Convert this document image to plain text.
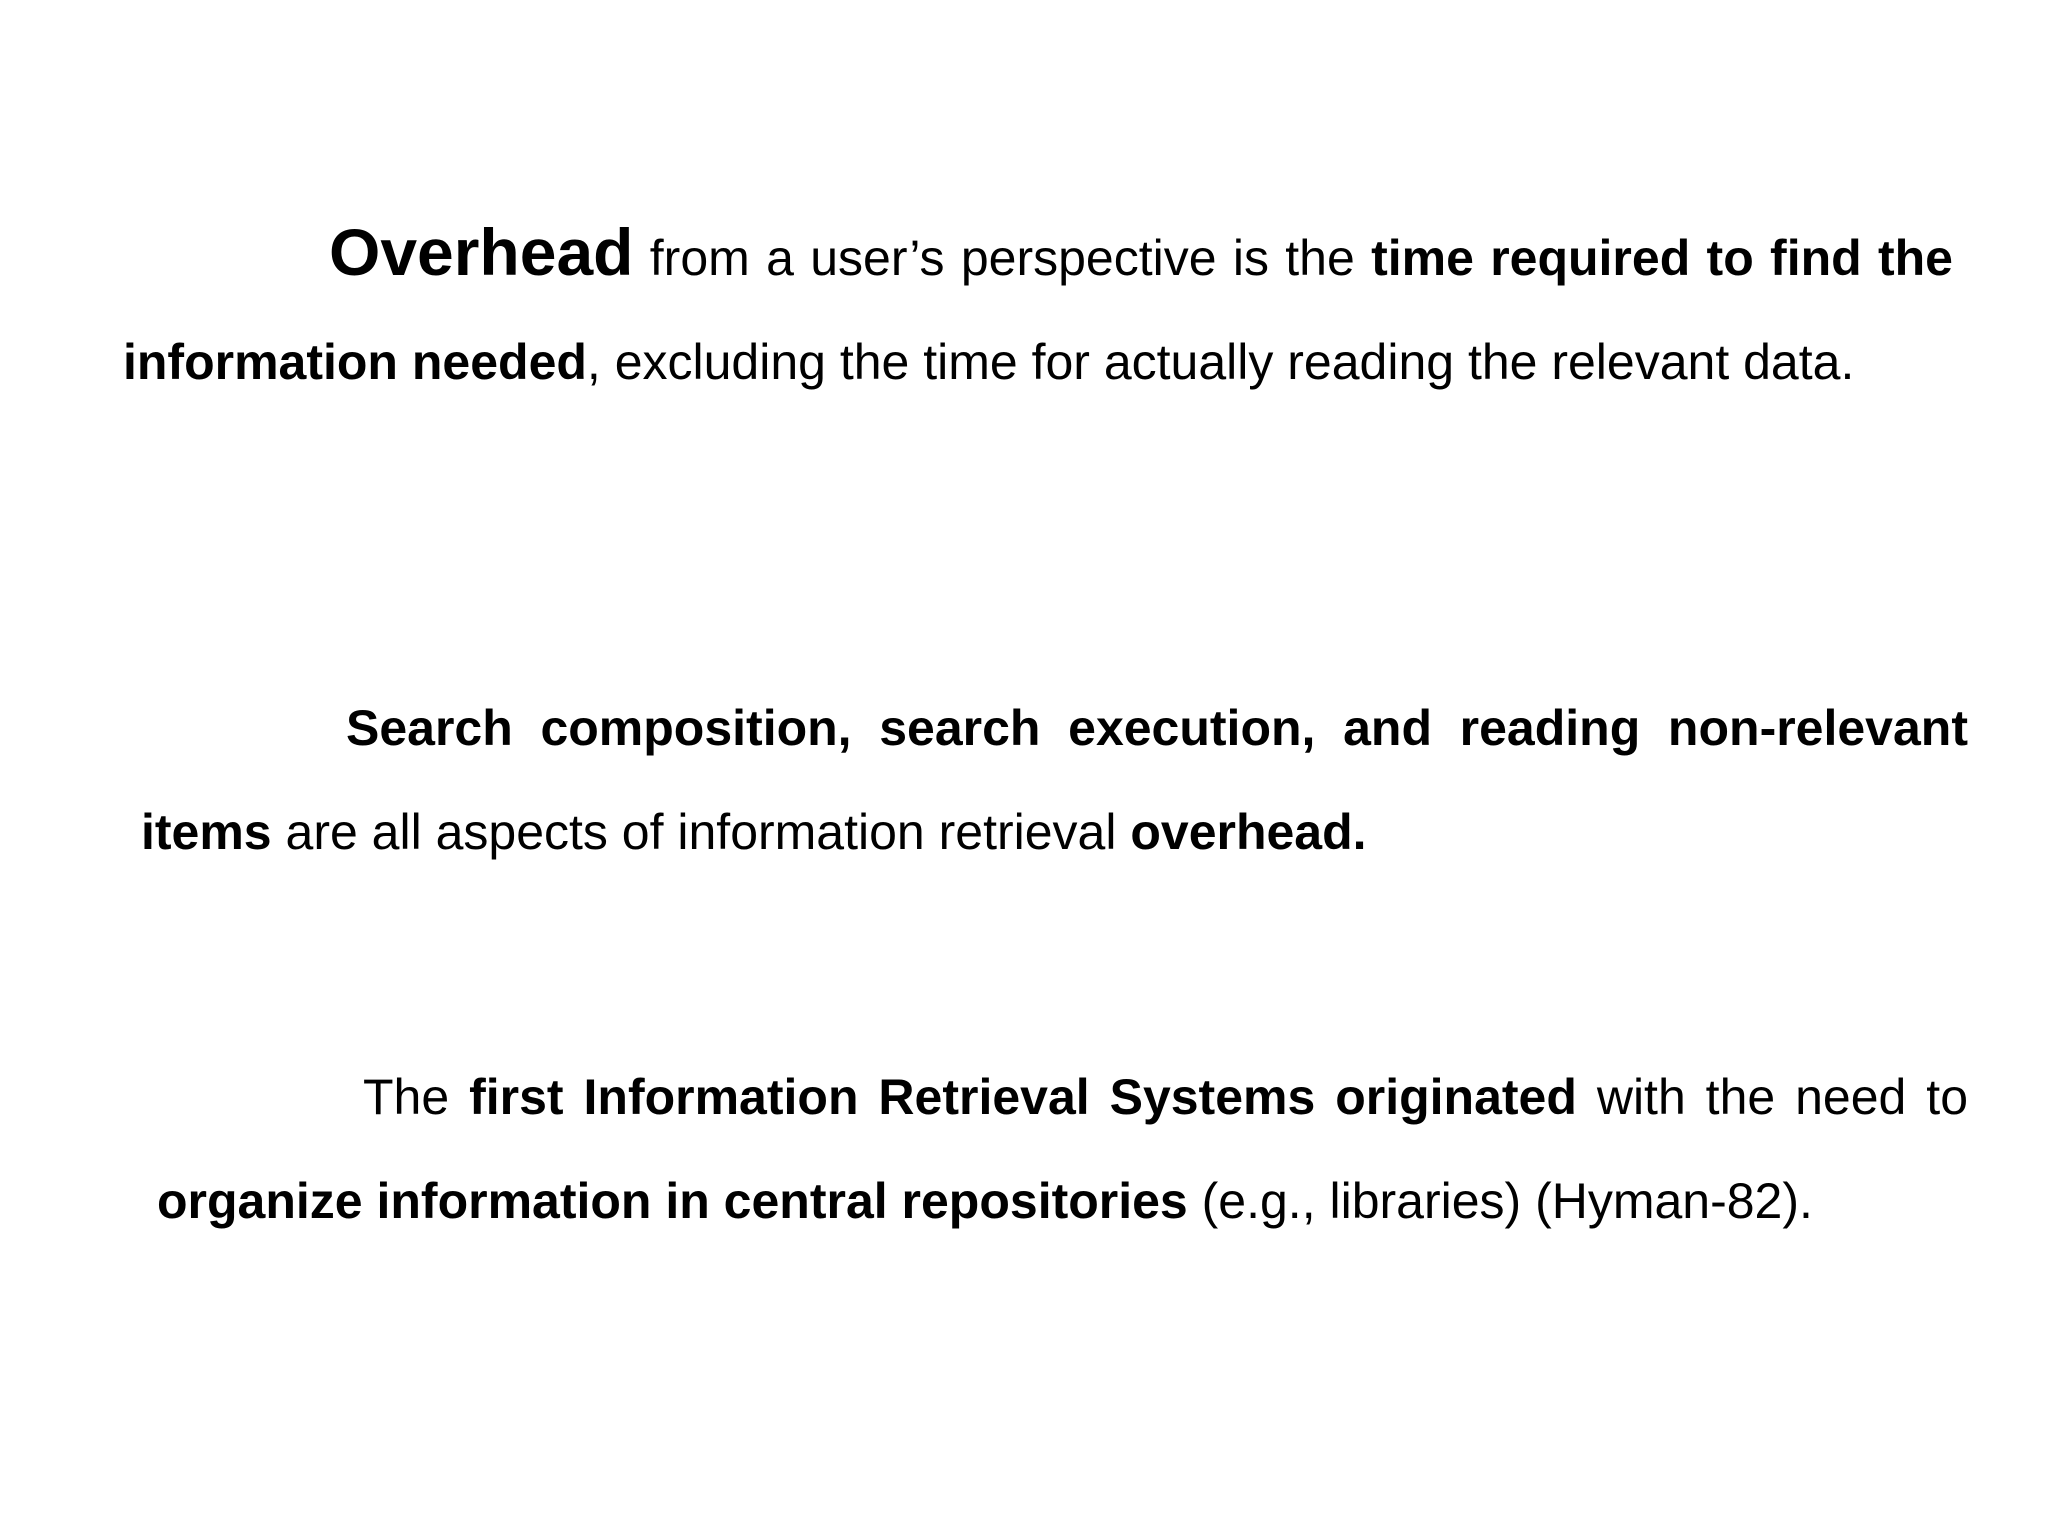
Overhead from a user’s perspective is the time required to find the information needed, excluding the time for actually reading the relevant data.

Search composition, search execution, and reading non-relevant items are all aspects of information retrieval overhead.

The first Information Retrieval Systems originated with the need to organize information in central repositories (e.g., libraries) (Hyman-82).
